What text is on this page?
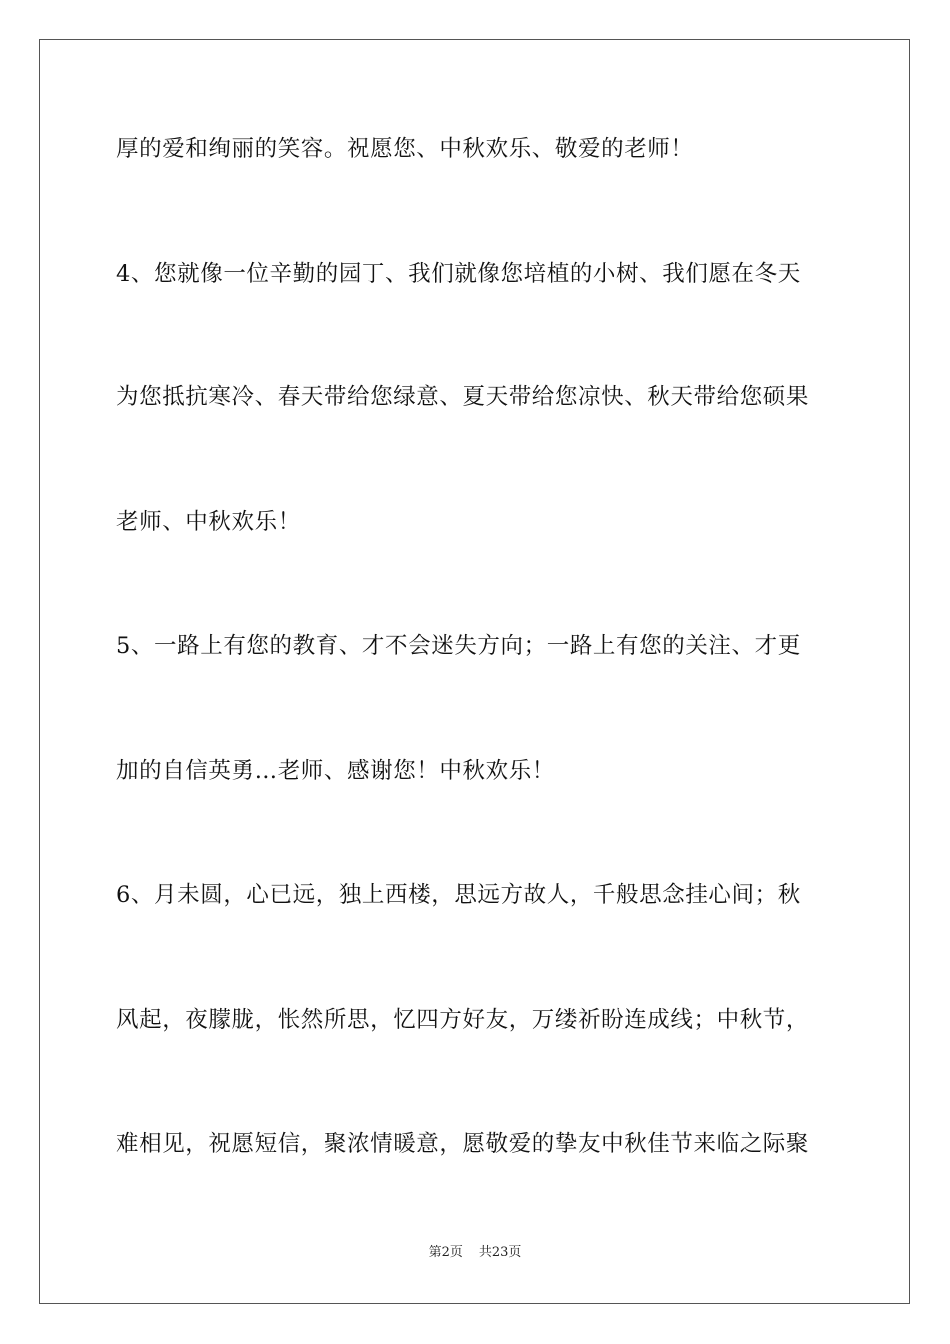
厚的爱和绚丽的笑容。祝愿您、中秋欢乐、敬爱的老师！
4、您就像一位辛勤的园丁、我们就像您培植的小树、我们愿在冬天
为您抵抗寒冷、春天带给您绿意、夏天带给您凉快、秋天带给您硕果
老师、中秋欢乐！
5、一路上有您的教育、才不会迷失方向；一路上有您的关注、才更
加的自信英勇…老师、感谢您！中秋欢乐！
6、月未圆，心已远，独上西楼，思远方故人，千般思念挂心间；秋
风起，夜朦胧，怅然所思，忆四方好友，万缕祈盼连成线；中秋节，
难相见，祝愿短信，聚浓情暖意，愿敬爱的挚友中秋佳节来临之际聚
第2页 共23页
